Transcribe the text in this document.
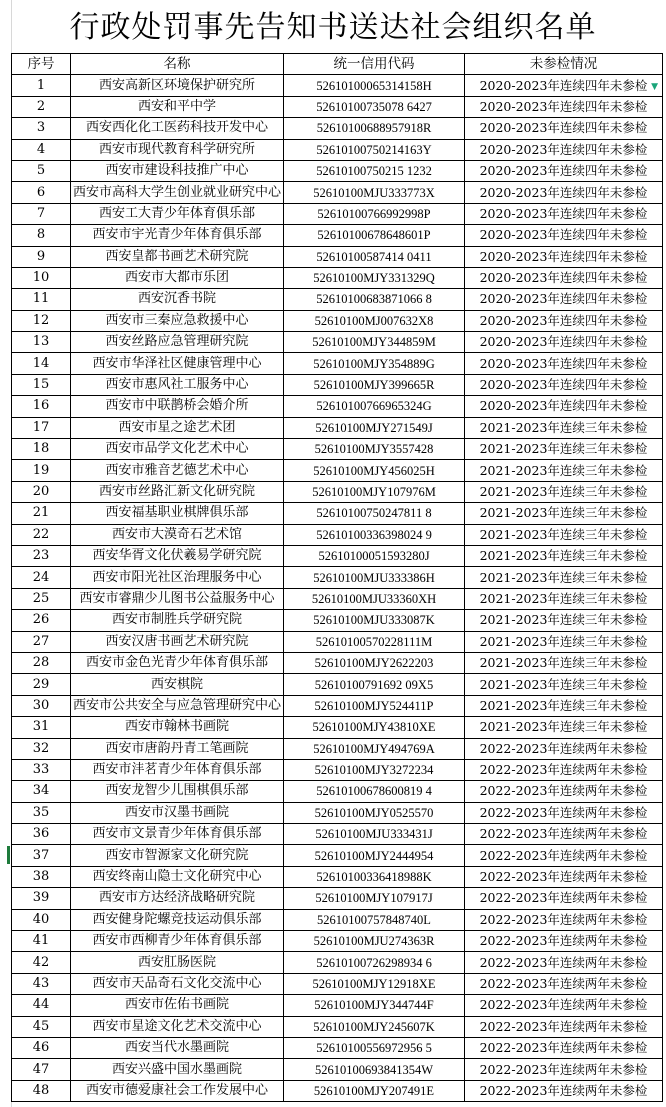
行政处罚事先告知书送达社会组织名单
序号	名称	统一信用代码	未参检情况
1	西安高新区环境保护研究所	52610100065314158H	2020-2023年连续四年未参检 ▼

2	西安和平中学	52610100735078 6427	2020-2023年连续四年未参检
3	西安西化化工医药科技开发中心	52610100688957918R	2020-2023年连续四年未参检
4	西安市现代教育科学研究所	52610100750214163Y	2020-2023年连续四年未参检
5	西安市建设科技推广中心	52610100750215 1232	2020-2023年连续四年未参检
6	西安市高科大学生创业就业研究中心	52610100MJU333773X	2020-2023年连续四年未参检
7	西安工大青少年体育俱乐部	52610100766992998P	2020-2023年连续四年未参检
8	西安市宇光青少年体育俱乐部	52610100678648601P	2020-2023年连续四年未参检
9	西安皇都书画艺术研究院	52610100587414 0411	2020-2023年连续四年未参检
10	西安市大都市乐团	52610100MJY331329Q	2020-2023年连续四年未参检
11	西安沉香书院	52610100683871066 8	2020-2023年连续四年未参检
12	西安市三秦应急救援中心	52610100MJ007632X8	2020-2023年连续四年未参检
13	西安丝路应急管理研究院	52610100MJY344859M	2020-2023年连续四年未参检
14	西安市华泽社区健康管理中心	52610100MJY354889G	2020-2023年连续四年未参检
15	西安市惠风社工服务中心	52610100MJY399665R	2020-2023年连续四年未参检
16	西安市中联鹊桥会婚介所	52610100766965324G	2020-2023年连续四年未参检
17	西安市星之途艺术团	52610100MJY271549J	2021-2023年连续三年未参检
18	西安市品学文化艺术中心	52610100MJY3557428	2021-2023年连续三年未参检
19	西安市雅音艺德艺术中心	52610100MJY456025H	2021-2023年连续三年未参检
20	西安市丝路汇新文化研究院	52610100MJY107976M	2021-2023年连续三年未参检
21	西安福基职业棋牌俱乐部	52610100750247811 8	2021-2023年连续三年未参检
22	西安市大漠奇石艺术馆	52610100336398024 9	2021-2023年连续三年未参检
23	西安华胥文化伏羲易学研究院	52610100051593280J	2021-2023年连续三年未参检
24	西安市阳光社区治理服务中心	52610100MJU333386H	2021-2023年连续三年未参检
25	西安市睿鼎少儿图书公益服务中心	52610100MJU33360XH	2021-2023年连续三年未参检
26	西安市制胜兵学研究院	52610100MJU333087K	2021-2023年连续三年未参检
27	西安汉唐书画艺术研究院	52610100570228111M	2021-2023年连续三年未参检
28	西安市金色光青少年体育俱乐部	52610100MJY2622203	2021-2023年连续三年未参检
29	西安棋院	52610100791692 09X5	2021-2023年连续三年未参检
30	西安市公共安全与应急管理研究中心	52610100MJY524411P	2021-2023年连续三年未参检
31	西安市翰林书画院	52610100MJY43810XE	2021-2023年连续三年未参检
32	西安市唐韵丹青工笔画院	52610100MJY494769A	2022-2023年连续两年未参检
33	西安市沣茗青少年体育俱乐部	52610100MJY3272234	2022-2023年连续两年未参检
34	西安龙智少儿围棋俱乐部	52610100678600819 4	2022-2023年连续两年未参检
35	西安市汉墨书画院	52610100MJY0525570	2022-2023年连续两年未参检
36	西安市文景青少年体育俱乐部	52610100MJU333431J	2022-2023年连续两年未参检
37	西安市智源家文化研究院	52610100MJY2444954	2022-2023年连续两年未参检
38	西安终南山隐士文化研究中心	52610100336418988K	2022-2023年连续两年未参检
39	西安市方达经济战略研究院	52610100MJY107917J	2022-2023年连续两年未参检
40	西安健身陀螺竞技运动俱乐部	52610100757848740L	2022-2023年连续两年未参检
41	西安市西柳青少年体育俱乐部	52610100MJU274363R	2022-2023年连续两年未参检
42	西安肛肠医院	52610100726298934 6	2022-2023年连续两年未参检
43	西安市天品奇石文化交流中心	52610100MJY12918XE	2022-2023年连续两年未参检
44	西安市佐佑书画院	52610100MJY344744F	2022-2023年连续两年未参检
45	西安市星途文化艺术交流中心	52610100MJY245607K	2022-2023年连续两年未参检
46	西安当代水墨画院	52610100556972956 5	2022-2023年连续两年未参检
47	西安兴盛中国水墨画院	52610100693841354W	2022-2023年连续两年未参检
48	西安市德爱康社会工作发展中心	52610100MJY207491E	2022-2023年连续两年未参检
